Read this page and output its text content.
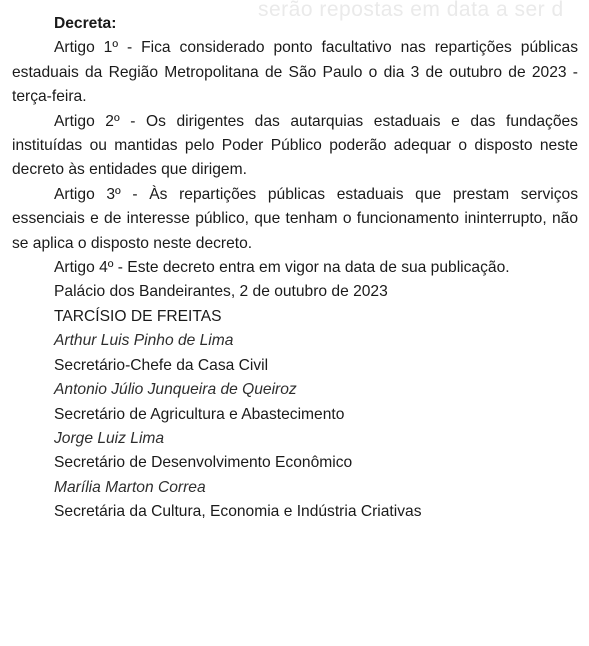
serão repostas em data a ser d

Decreta:

Artigo 1º - Fica considerado ponto facultativo nas repartições públicas estaduais da Região Metropolitana de São Paulo o dia 3 de outubro de 2023 - terça-feira.

Artigo 2º - Os dirigentes das autarquias estaduais e das fundações instituídas ou mantidas pelo Poder Público poderão adequar o disposto neste decreto às entidades que dirigem.

Artigo 3º - Às repartições públicas estaduais que prestam serviços essenciais e de interesse público, que tenham o funcionamento ininterrupto, não se aplica o disposto neste decreto.

Artigo 4º - Este decreto entra em vigor na data de sua publicação.

Palácio dos Bandeirantes, 2 de outubro de 2023

TARCÍSIO DE FREITAS

Arthur Luis Pinho de Lima

Secretário-Chefe da Casa Civil

Antonio Júlio Junqueira de Queiroz

Secretário de Agricultura e Abastecimento

Jorge Luiz Lima

Secretário de Desenvolvimento Econômico

Marília Marton Correa

Secretária da Cultura, Economia e Indústria Criativas
